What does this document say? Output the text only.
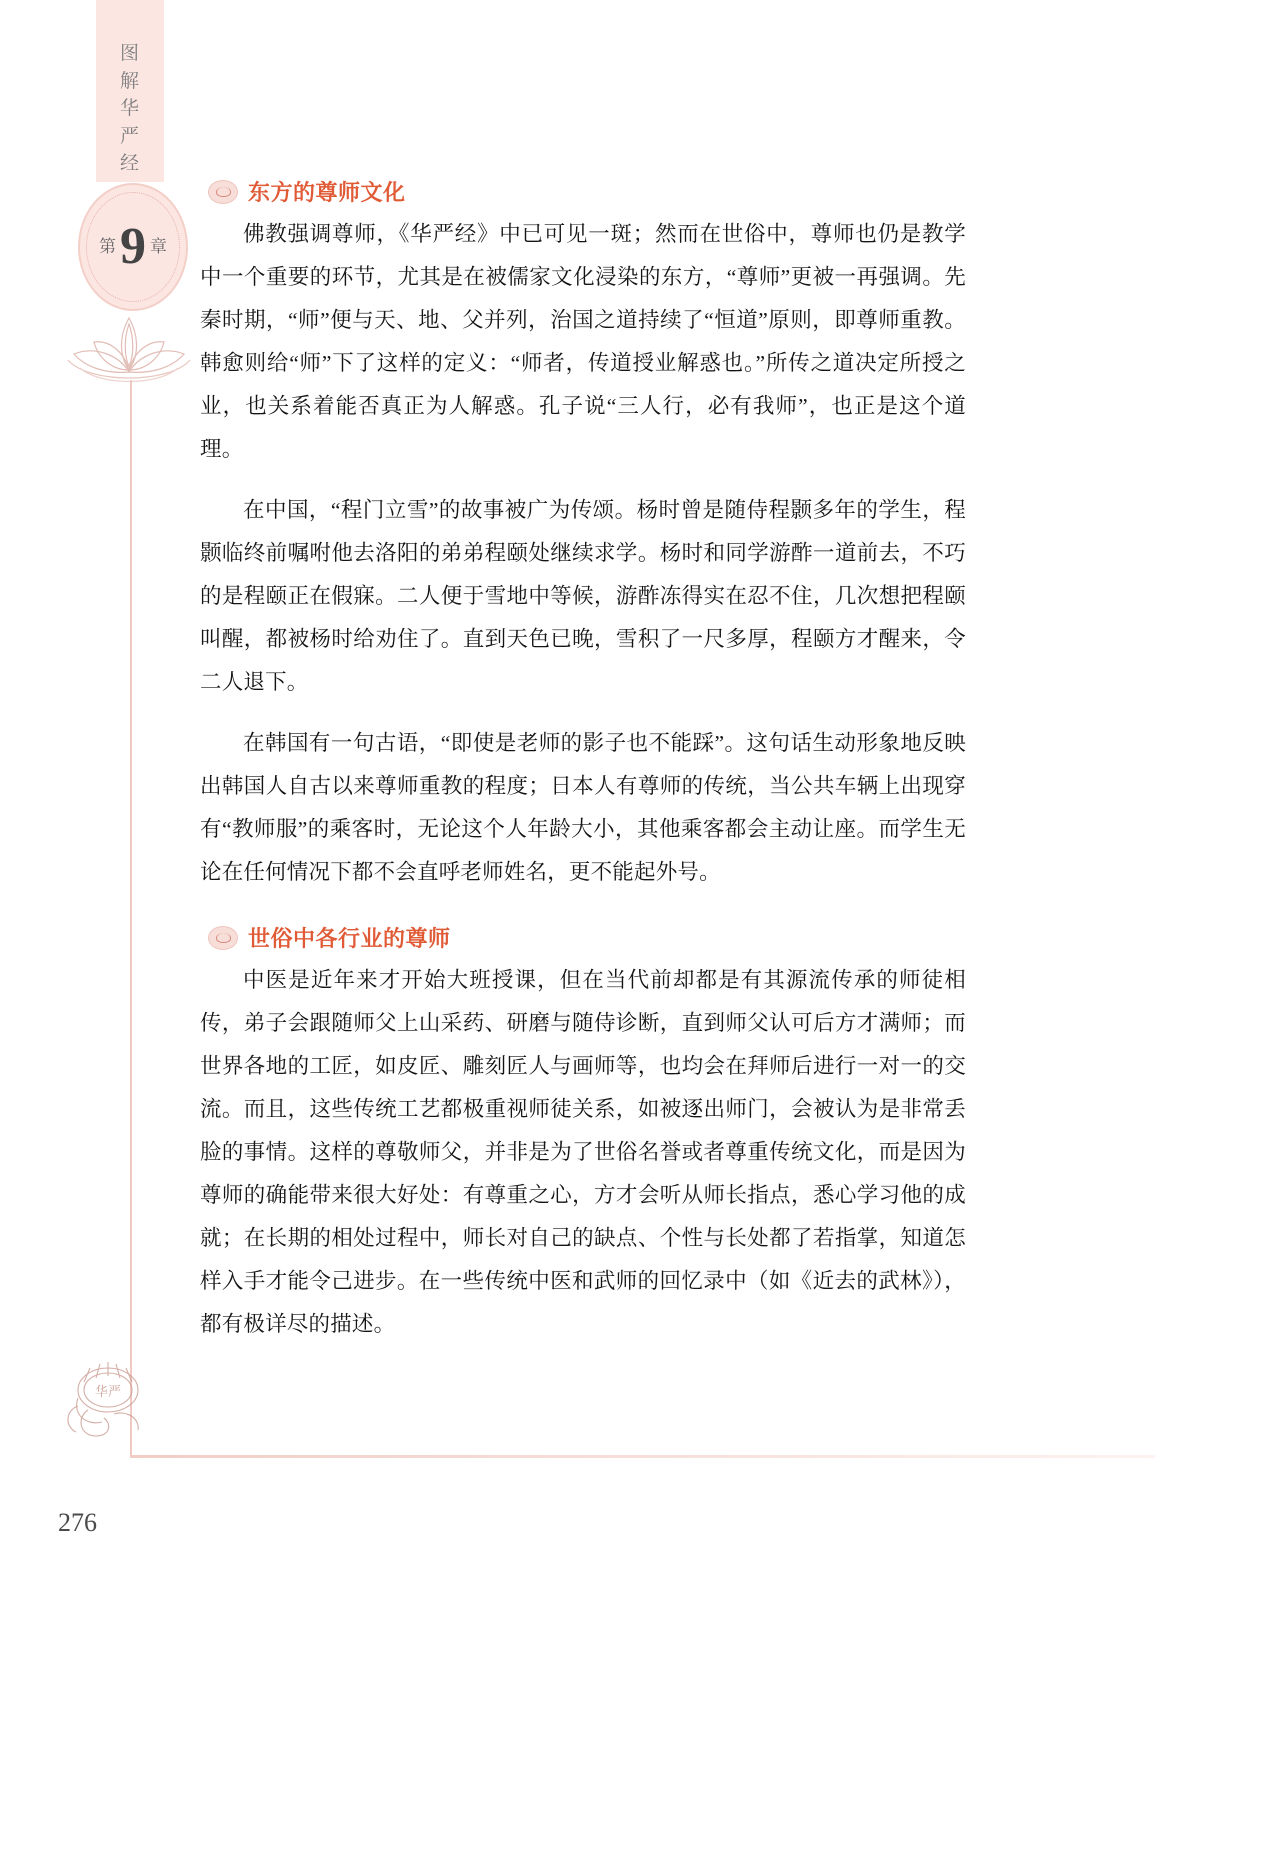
图
解
华
严
经
第 9 章
东方的尊师文化

佛教强调尊师，《华严经》中已可见一斑；然而在世俗中，尊师也仍是教学中一个重要的环节，尤其是在被儒家文化浸染的东方，“尊师”更被一再强调。先秦时期，“师”便与天、地、父并列，治国之道持续了“恒道”原则，即尊师重教。韩愈则给“师”下了这样的定义：“师者，传道授业解惑也。”所传之道决定所授之业，也关系着能否真正为人解惑。孔子说“三人行，必有我师”，也正是这个道理。

在中国，“程门立雪”的故事被广为传颂。杨时曾是随侍程颢多年的学生，程颢临终前嘱咐他去洛阳的弟弟程颐处继续求学。杨时和同学游酢一道前去，不巧的是程颐正在假寐。二人便于雪地中等候，游酢冻得实在忍不住，几次想把程颐叫醒，都被杨时给劝住了。直到天色已晚，雪积了一尺多厚，程颐方才醒来，令二人退下。

在韩国有一句古语，“即使是老师的影子也不能踩”。这句话生动形象地反映出韩国人自古以来尊师重教的程度；日本人有尊师的传统，当公共车辆上出现穿有“教师服”的乘客时，无论这个人年龄大小，其他乘客都会主动让座。而学生无论在任何情况下都不会直呼老师姓名，更不能起外号。

世俗中各行业的尊师

中医是近年来才开始大班授课，但在当代前却都是有其源流传承的师徒相传，弟子会跟随师父上山采药、研磨与随侍诊断，直到师父认可后方才满师；而世界各地的工匠，如皮匠、雕刻匠人与画师等，也均会在拜师后进行一对一的交流。而且，这些传统工艺都极重视师徒关系，如被逐出师门，会被认为是非常丢脸的事情。这样的尊敬师父，并非是为了世俗名誉或者尊重传统文化，而是因为尊师的确能带来很大好处：有尊重之心，方才会听从师长指点，悉心学习他的成就；在长期的相处过程中，师长对自己的缺点、个性与长处都了若指掌，知道怎样入手才能令己进步。在一些传统中医和武师的回忆录中（如《近去的武林》），都有极详尽的描述。

华严
276
